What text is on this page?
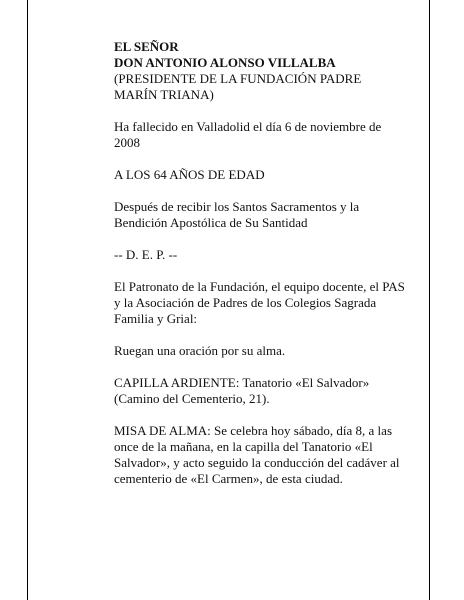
EL SEÑOR
DON ANTONIO ALONSO VILLALBA

(PRESIDENTE DE LA FUNDACIÓN PADRE
MARÍN TRIANA)

Ha fallecido en Valladolid el día 6 de noviembre de
2008

A LOS 64 AÑOS DE EDAD

Después de recibir los Santos Sacramentos y la
Bendición Apostólica de Su Santidad

-- D. E. P. --

El Patronato de la Fundación, el equipo docente, el PAS
y la Asociación de Padres de los Colegios Sagrada
Familia y Grial:

Ruegan una oración por su alma.

CAPILLA ARDIENTE: Tanatorio «El Salvador»
(Camino del Cementerio, 21).

MISA DE ALMA: Se celebra hoy sábado, día 8, a las
once de la mañana, en la capilla del Tanatorio «El
Salvador», y acto seguido la conducción del cadáver al
cementerio de «El Carmen», de esta ciudad.
